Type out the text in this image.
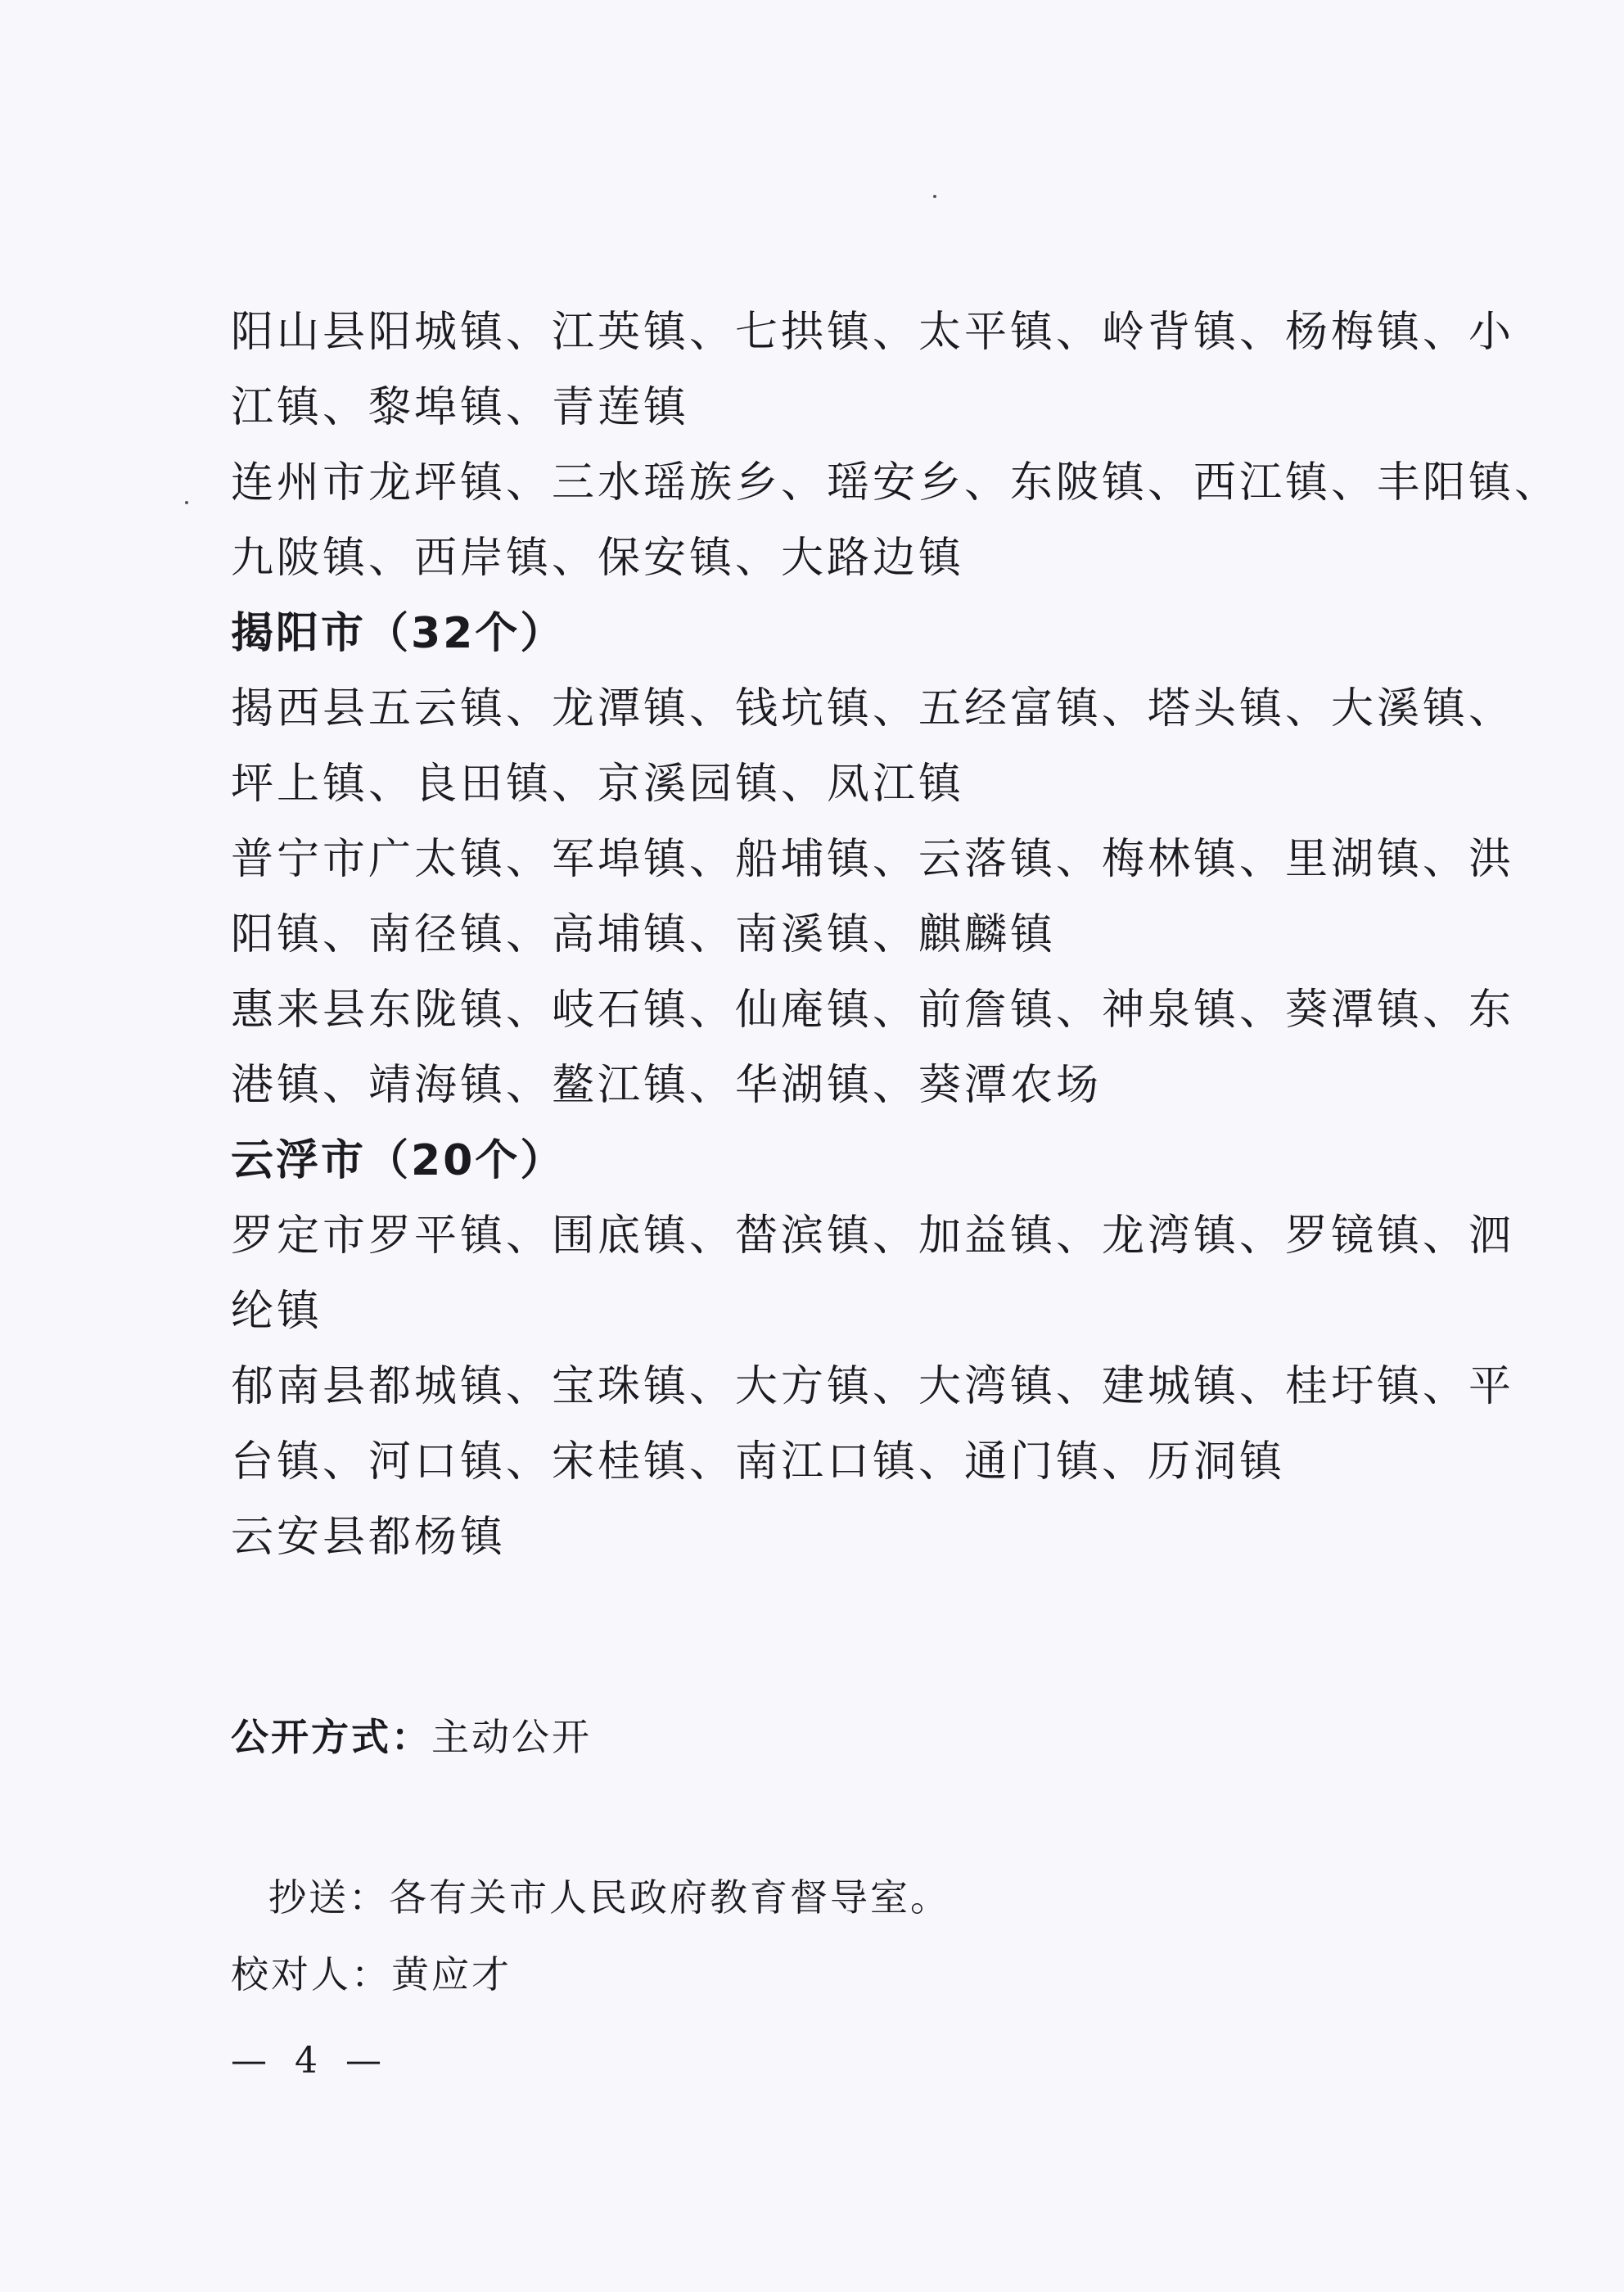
阳山县阳城镇、江英镇、七拱镇、太平镇、岭背镇、杨梅镇、小
江镇、黎埠镇、青莲镇
连州市龙坪镇、三水瑶族乡、瑶安乡、东陂镇、西江镇、丰阳镇、
九陂镇、西岸镇、保安镇、大路边镇
揭阳市（32个）
揭西县五云镇、龙潭镇、钱坑镇、五经富镇、塔头镇、大溪镇、
坪上镇、良田镇、京溪园镇、凤江镇
普宁市广太镇、军埠镇、船埔镇、云落镇、梅林镇、里湖镇、洪
阳镇、南径镇、高埔镇、南溪镇、麒麟镇
惠来县东陇镇、岐石镇、仙庵镇、前詹镇、神泉镇、葵潭镇、东
港镇、靖海镇、鳌江镇、华湖镇、葵潭农场
云浮市（20个）
罗定市罗平镇、围底镇、榃滨镇、加益镇、龙湾镇、罗镜镇、泗
纶镇
郁南县都城镇、宝珠镇、大方镇、大湾镇、建城镇、桂圩镇、平
台镇、河口镇、宋桂镇、南江口镇、通门镇、历洞镇
云安县都杨镇
公开方式：主动公开
抄送：各有关市人民政府教育督导室。
校对人：黄应才
— 4 —
